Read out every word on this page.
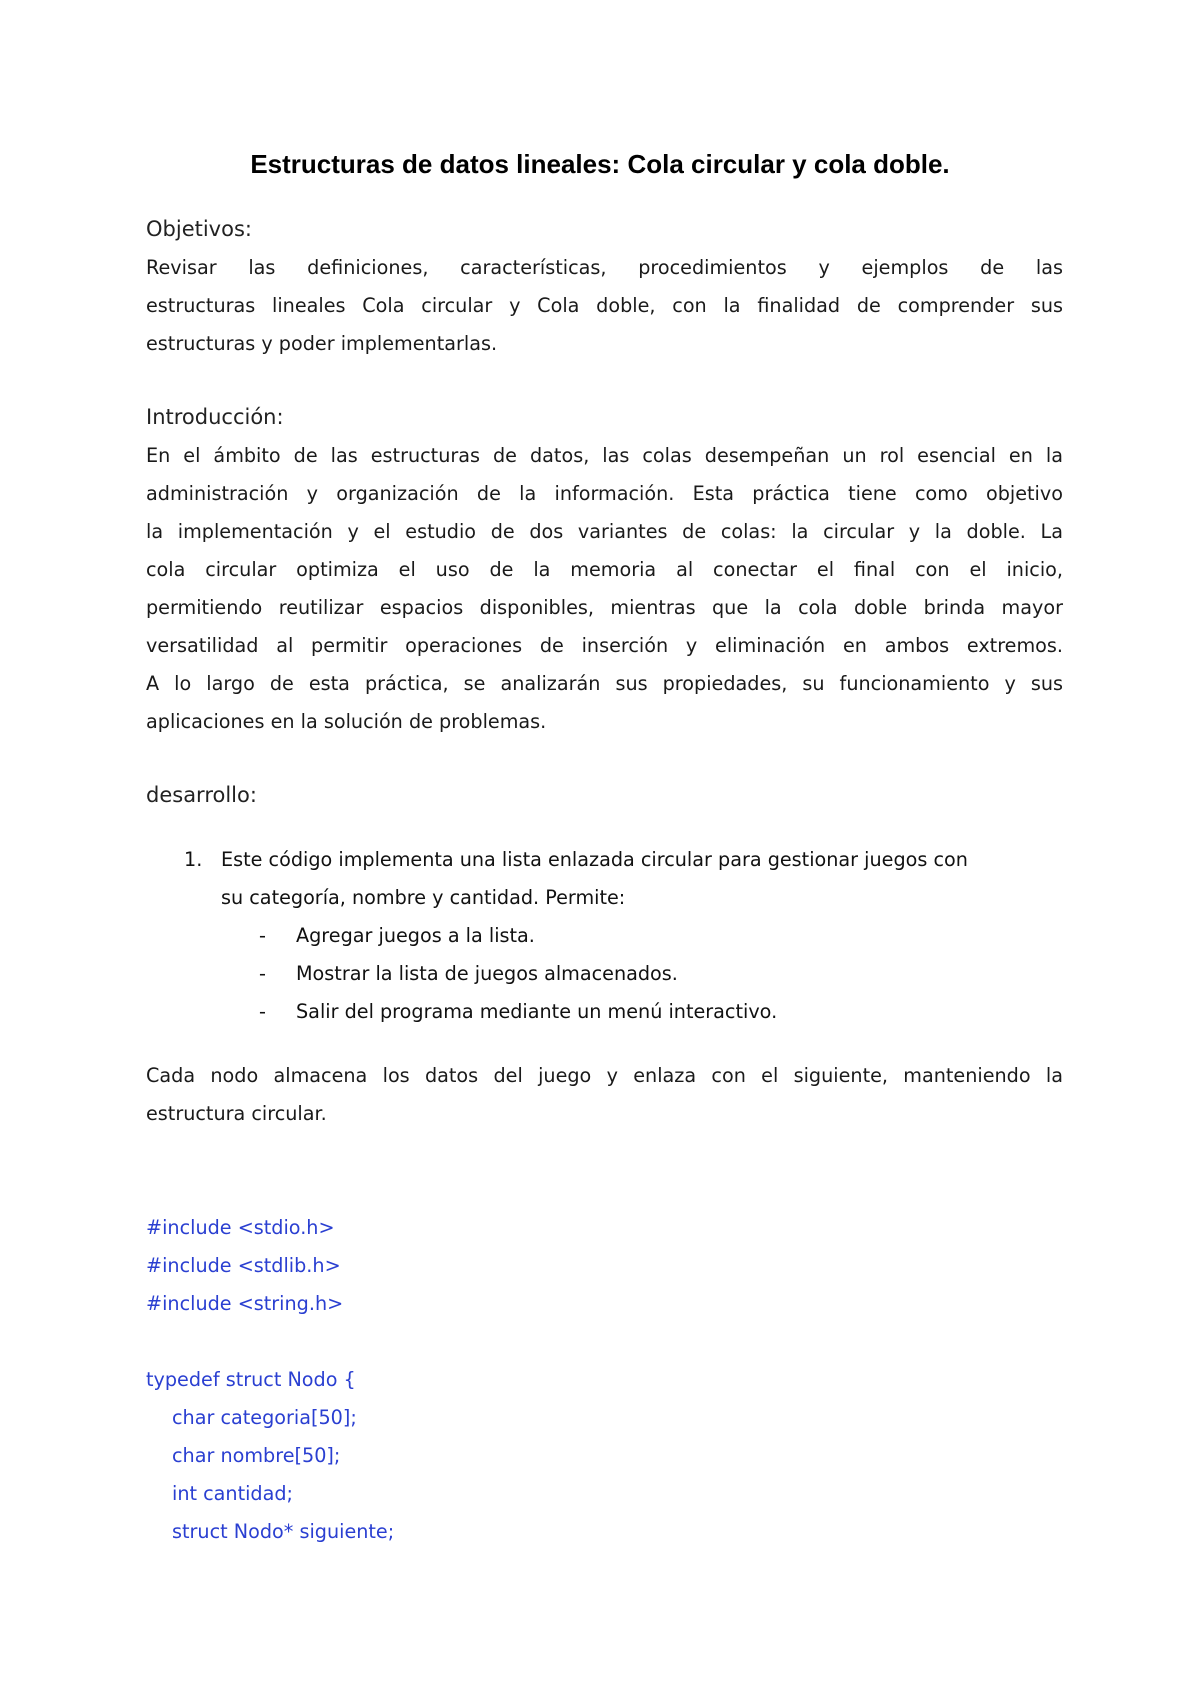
Estructuras de datos lineales: Cola circular y cola doble.
Objetivos:

Revisar las definiciones, características, procedimientos y ejemplos de las
estructuras lineales Cola circular y Cola doble, con la finalidad de comprender sus
estructuras y poder implementarlas.

Introducción:

En el ámbito de las estructuras de datos, las colas desempeñan un rol esencial en la
administración y organización de la información. Esta práctica tiene como objetivo
la implementación y el estudio de dos variantes de colas: la circular y la doble. La
cola circular optimiza el uso de la memoria al conectar el final con el inicio,
permitiendo reutilizar espacios disponibles, mientras que la cola doble brinda mayor
versatilidad al permitir operaciones de inserción y eliminación en ambos extremos.
A lo largo de esta práctica, se analizarán sus propiedades, su funcionamiento y sus
aplicaciones en la solución de problemas.

desarrollo:
1. Este código implementa una lista enlazada circular para gestionar juegos con
su categoría, nombre y cantidad. Permite:
- Agregar juegos a la lista.
- Mostrar la lista de juegos almacenados.
- Salir del programa mediante un menú interactivo.

Cada nodo almacena los datos del juego y enlaza con el siguiente, manteniendo la
estructura circular.

#include <stdio.h>
#include <stdlib.h>
#include <string.h>
typedef struct Nodo {
char categoria[50];
char nombre[50];
int cantidad;
struct Nodo* siguiente;
